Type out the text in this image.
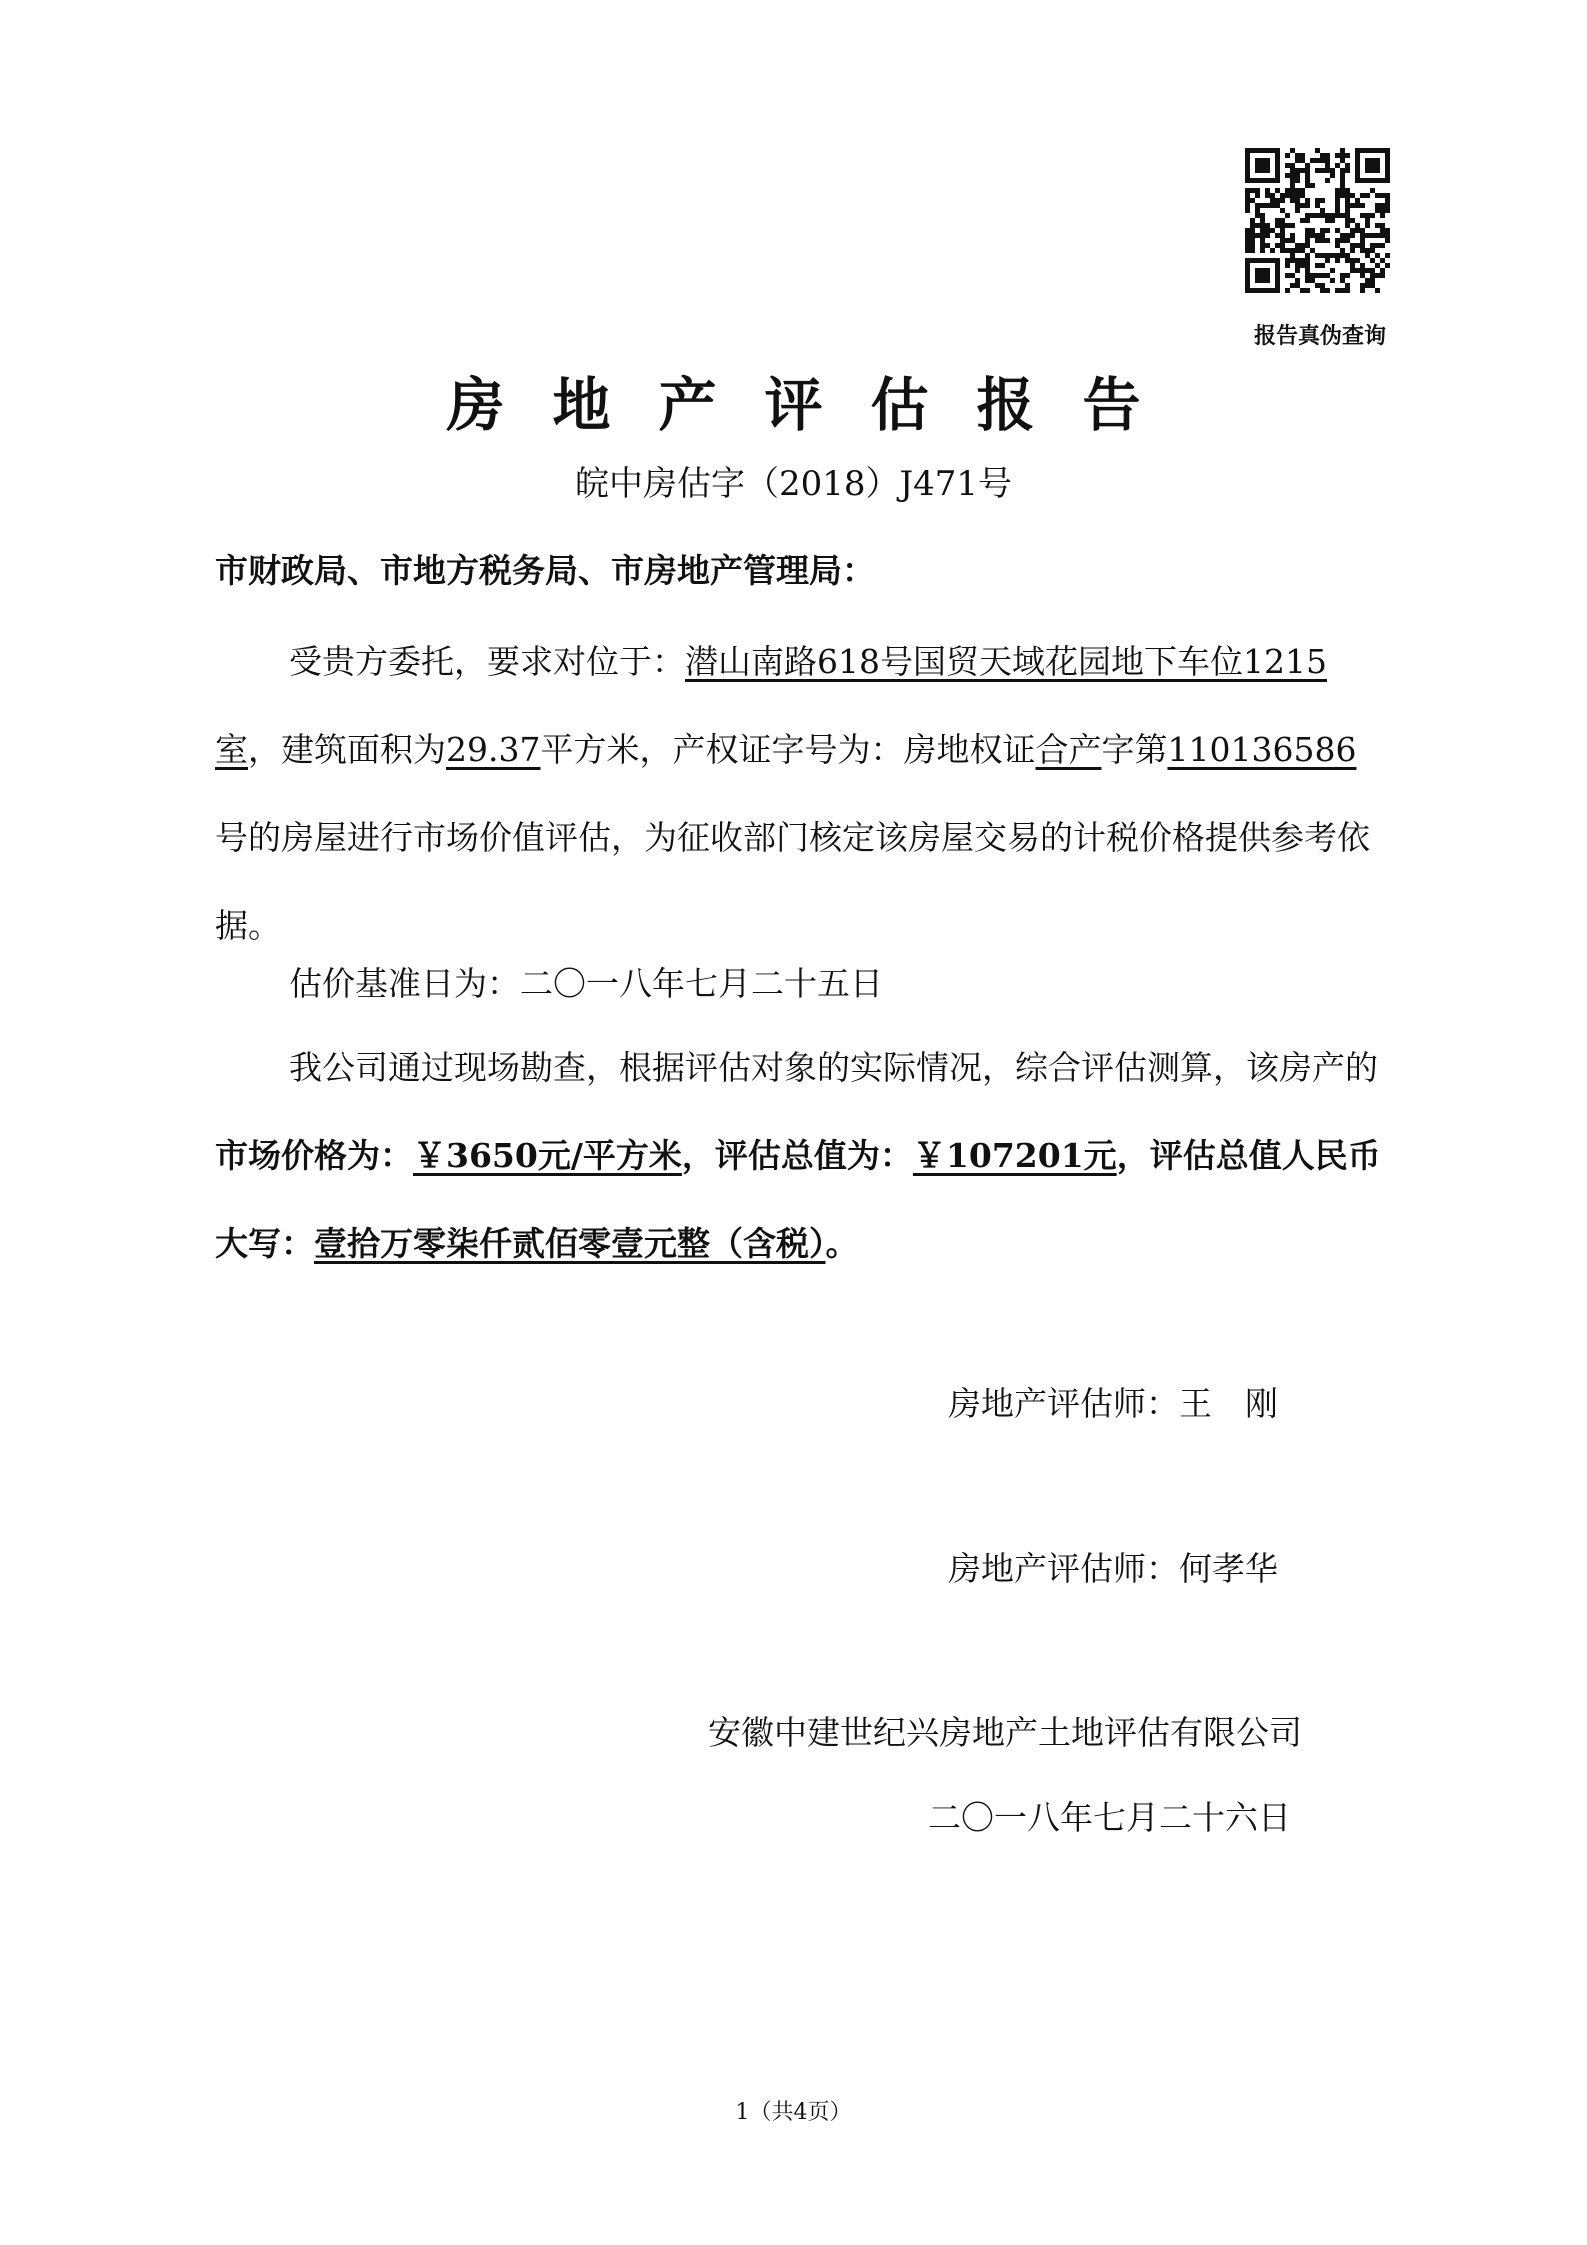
报告真伪查询
房地产评估报告
皖中房估字（2018）J471号
市财政局、市地方税务局、市房地产管理局：
受贵方委托，要求对位于：潜山南路618号国贸天域花园地下车位1215室，建筑面积为29.37平方米，产权证字号为：房地权证合产字第110136586号的房屋进行市场价值评估，为征收部门核定该房屋交易的计税价格提供参考依据。
估价基准日为：二〇一八年七月二十五日
我公司通过现场勘查，根据评估对象的实际情况，综合评估测算，该房产的市场价格为：￥3650元/平方米，评估总值为：￥107201元，评估总值人民币大写：壹拾万零柒仟贰佰零壹元整（含税）。
房地产评估师：王　刚
房地产评估师：何孝华
安徽中建世纪兴房地产土地评估有限公司
二〇一八年七月二十六日
1（共4页）
